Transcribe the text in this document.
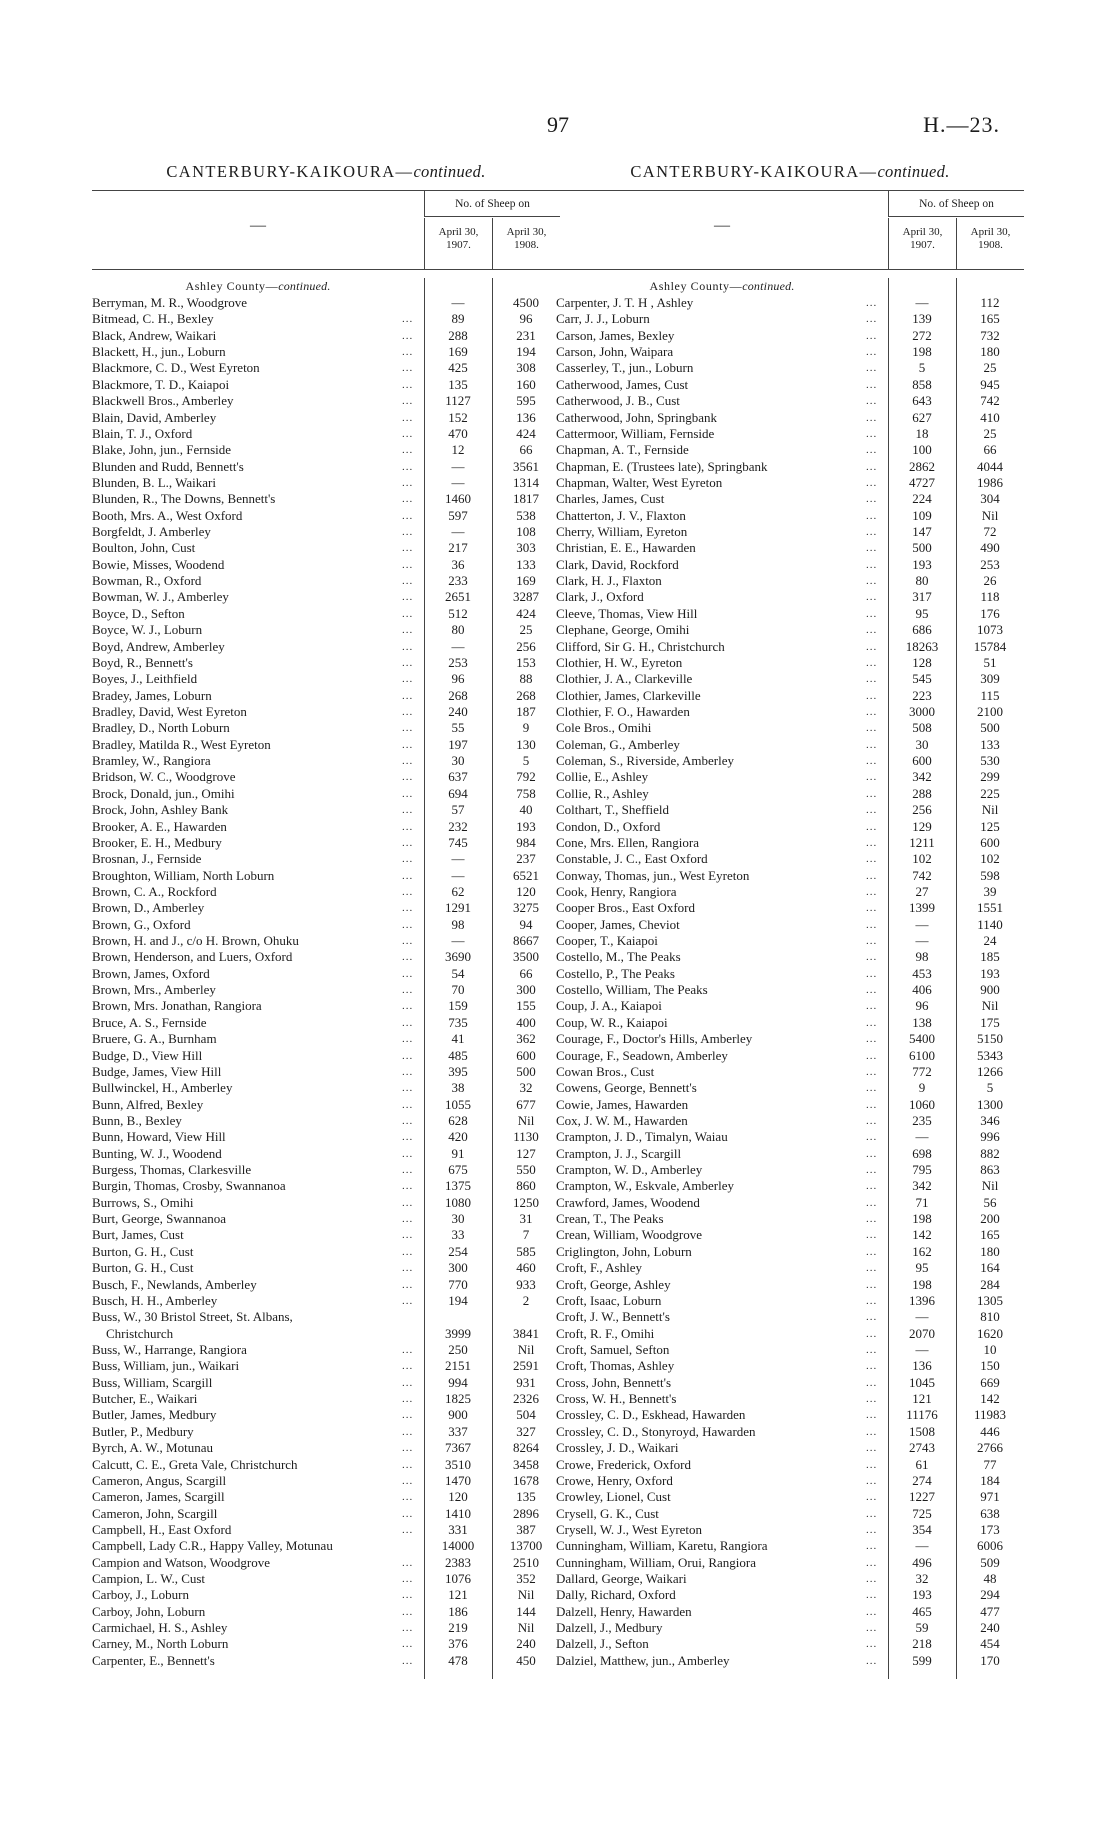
97	H.—23.
CANTERBURY-KAIKOURA—continued.
—
No. of Sheep on
April 30, 1907.
April 30, 1908.
Ashley County—continued.
Berryman, M. R., Woodgrove	—	4500
Bitmead, C. H., Bexley	...	89	96
Black, Andrew, Waikari	...	288	231
Blackett, H., jun., Loburn	...	169	194
Blackmore, C. D., West Eyreton	...	425	308
Blackmore, T. D., Kaiapoi	...	135	160
Blackwell Bros., Amberley	...	1127	595
Blain, David, Amberley	...	152	136
Blain, T. J., Oxford	...	470	424
Blake, John, jun., Fernside	...	12	66
Blunden and Rudd, Bennett's	...	—	3561
Blunden, B. L., Waikari	...	—	1314
Blunden, R., The Downs, Bennett's	...	1460	1817
Booth, Mrs. A., West Oxford	...	597	538
Borgfeldt, J. Amberley	...	—	108
Boulton, John, Cust	...	217	303
Bowie, Misses, Woodend	...	36	133
Bowman, R., Oxford	...	233	169
Bowman, W. J., Amberley	...	2651	3287
Boyce, D., Sefton	...	512	424
Boyce, W. J., Loburn	...	80	25
Boyd, Andrew, Amberley	...	—	256
Boyd, R., Bennett's	...	253	153
Boyes, J., Leithfield	...	96	88
Bradey, James, Loburn	...	268	268
Bradley, David, West Eyreton	...	240	187
Bradley, D., North Loburn	...	55	9
Bradley, Matilda R., West Eyreton	...	197	130
Bramley, W., Rangiora	...	30	5
Bridson, W. C., Woodgrove	...	637	792
Brock, Donald, jun., Omihi	...	694	758
Brock, John, Ashley Bank	...	57	40
Brooker, A. E., Hawarden	...	232	193
Brooker, E. H., Medbury	...	745	984
Brosnan, J., Fernside	...	—	237
Broughton, William, North Loburn	...	—	6521
Brown, C. A., Rockford	...	62	120
Brown, D., Amberley	...	1291	3275
Brown, G., Oxford	...	98	94
Brown, H. and J., c/o H. Brown, Ohuku	...	—	8667
Brown, Henderson, and Luers, Oxford	...	3690	3500
Brown, James, Oxford	...	54	66
Brown, Mrs., Amberley	...	70	300
Brown, Mrs. Jonathan, Rangiora	...	159	155
Bruce, A. S., Fernside	...	735	400
Bruere, G. A., Burnham	...	41	362
Budge, D., View Hill	...	485	600
Budge, James, View Hill	...	395	500
Bullwinckel, H., Amberley	...	38	32
Bunn, Alfred, Bexley	...	1055	677
Bunn, B., Bexley	...	628	Nil
Bunn, Howard, View Hill	...	420	1130
Bunting, W. J., Woodend	...	91	127
Burgess, Thomas, Clarkesville	...	675	550
Burgin, Thomas, Crosby, Swannanoa	...	1375	860
Burrows, S., Omihi	...	1080	1250
Burt, George, Swannanoa	...	30	31
Burt, James, Cust	...	33	7
Burton, G. H., Cust	...	254	585
Burton, G. H., Cust	...	300	460
Busch, F., Newlands, Amberley	...	770	933
Busch, H. H., Amberley	...	194	2
Buss, W., 30 Bristol Street, St. Albans,
Christchurch	3999	3841
Buss, W., Harrange, Rangiora	...	250	Nil
Buss, William, jun., Waikari	...	2151	2591
Buss, William, Scargill	...	994	931
Butcher, E., Waikari	...	1825	2326
Butler, James, Medbury	...	900	504
Butler, P., Medbury	...	337	327
Byrch, A. W., Motunau	...	7367	8264
Calcutt, C. E., Greta Vale, Christchurch	...	3510	3458
Cameron, Angus, Scargill	...	1470	1678
Cameron, James, Scargill	...	120	135
Cameron, John, Scargill	...	1410	2896
Campbell, H., East Oxford	...	331	387
Campbell, Lady C.R., Happy Valley, Motunau	14000	13700
Campion and Watson, Woodgrove	...	2383	2510
Campion, L. W., Cust	...	1076	352
Carboy, J., Loburn	...	121	Nil
Carboy, John, Loburn	...	186	144
Carmichael, H. S., Ashley	...	219	Nil
Carney, M., North Loburn	...	376	240
Carpenter, E., Bennett's	...	478	450
CANTERBURY-KAIKOURA—continued.
—
No. of Sheep on
April 30, 1907.
April 30, 1908.
Ashley County—continued.
Carpenter, J. T. H , Ashley	...	—	112
Carr, J. J., Loburn	...	139	165
Carson, James, Bexley	...	272	732
Carson, John, Waipara	...	198	180
Casserley, T., jun., Loburn	...	5	25
Catherwood, James, Cust	...	858	945
Catherwood, J. B., Cust	...	643	742
Catherwood, John, Springbank	...	627	410
Cattermoor, William, Fernside	...	18	25
Chapman, A. T., Fernside	...	100	66
Chapman, E. (Trustees late), Springbank	...	2862	4044
Chapman, Walter, West Eyreton	...	4727	1986
Charles, James, Cust	...	224	304
Chatterton, J. V., Flaxton	...	109	Nil
Cherry, William, Eyreton	...	147	72
Christian, E. E., Hawarden	...	500	490
Clark, David, Rockford	...	193	253
Clark, H. J., Flaxton	...	80	26
Clark, J., Oxford	...	317	118
Cleeve, Thomas, View Hill	...	95	176
Clephane, George, Omihi	...	686	1073
Clifford, Sir G. H., Christchurch	...	18263	15784
Clothier, H. W., Eyreton	...	128	51
Clothier, J. A., Clarkeville	...	545	309
Clothier, James, Clarkeville	...	223	115
Clothier, F. O., Hawarden	...	3000	2100
Cole Bros., Omihi	...	508	500
Coleman, G., Amberley	...	30	133
Coleman, S., Riverside, Amberley	...	600	530
Collie, E., Ashley	...	342	299
Collie, R., Ashley	...	288	225
Colthart, T., Sheffield	...	256	Nil
Condon, D., Oxford	...	129	125
Cone, Mrs. Ellen, Rangiora	...	1211	600
Constable, J. C., East Oxford	...	102	102
Conway, Thomas, jun., West Eyreton	...	742	598
Cook, Henry, Rangiora	...	27	39
Cooper Bros., East Oxford	...	1399	1551
Cooper, James, Cheviot	...	—	1140
Cooper, T., Kaiapoi	...	—	24
Costello, M., The Peaks	...	98	185
Costello, P., The Peaks	...	453	193
Costello, William, The Peaks	...	406	900
Coup, J. A., Kaiapoi	...	96	Nil
Coup, W. R., Kaiapoi	...	138	175
Courage, F., Doctor's Hills, Amberley	...	5400	5150
Courage, F., Seadown, Amberley	...	6100	5343
Cowan Bros., Cust	...	772	1266
Cowens, George, Bennett's	...	9	5
Cowie, James, Hawarden	...	1060	1300
Cox, J. W. M., Hawarden	...	235	346
Crampton, J. D., Timalyn, Waiau	...	—	996
Crampton, J. J., Scargill	...	698	882
Crampton, W. D., Amberley	...	795	863
Crampton, W., Eskvale, Amberley	...	342	Nil
Crawford, James, Woodend	...	71	56
Crean, T., The Peaks	...	198	200
Crean, William, Woodgrove	...	142	165
Criglington, John, Loburn	...	162	180
Croft, F., Ashley	...	95	164
Croft, George, Ashley	...	198	284
Croft, Isaac, Loburn	...	1396	1305
Croft, J. W., Bennett's	...	—	810
Croft, R. F., Omihi	...	2070	1620
Croft, Samuel, Sefton	...	—	10
Croft, Thomas, Ashley	...	136	150
Cross, John, Bennett's	...	1045	669
Cross, W. H., Bennett's	...	121	142
Crossley, C. D., Eskhead, Hawarden	...	11176	11983
Crossley, C. D., Stonyroyd, Hawarden	...	1508	446
Crossley, J. D., Waikari	...	2743	2766
Crowe, Frederick, Oxford	...	61	77
Crowe, Henry, Oxford	...	274	184
Crowley, Lionel, Cust	...	1227	971
Crysell, G. K., Cust	...	725	638
Crysell, W. J., West Eyreton	...	354	173
Cunningham, William, Karetu, Rangiora	...	—	6006
Cunningham, William, Orui, Rangiora	...	496	509
Dallard, George, Waikari	...	32	48
Dally, Richard, Oxford	...	193	294
Dalzell, Henry, Hawarden	...	465	477
Dalzell, J., Medbury	...	59	240
Dalzell, J., Sefton	...	218	454
Dalziel, Matthew, jun., Amberley	...	599	170
